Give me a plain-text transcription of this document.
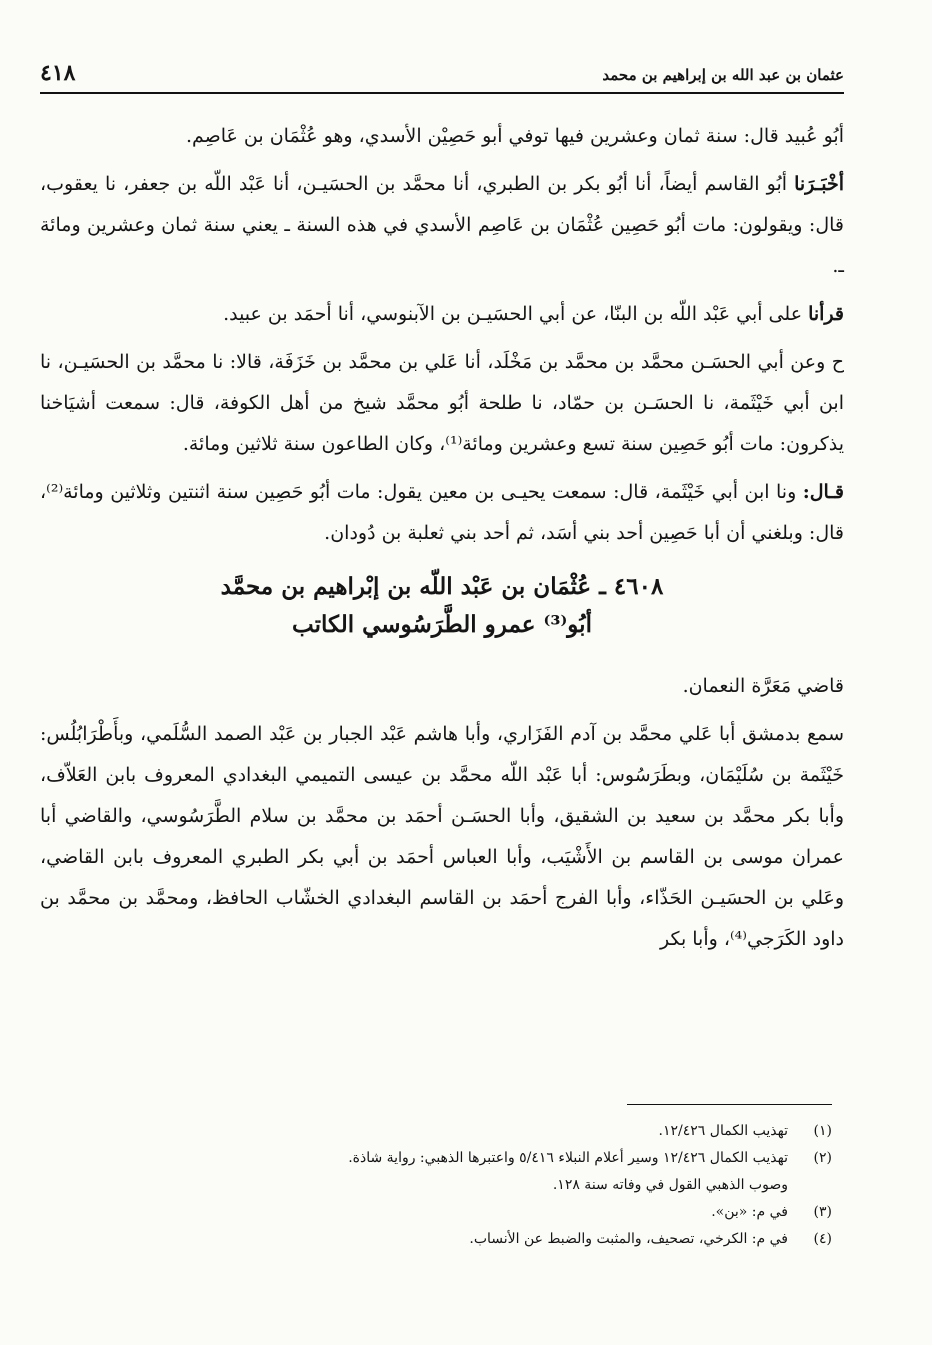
عثمان بن عبد الله بن إبراهيم بن محمد
٤١٨

أبُو عُبيد قال: سنة ثمان وعشرين فيها توفي أبو حَصِيْن الأسدي، وهو عُثْمَان بن عَاصِم.

أخْبَـرَنا أبُو القاسم أيضاً، أنا أبُو بكر بن الطبري، أنا محمَّد بن الحسَيـن، أنا عَبْد اللّه بن جعفر، نا يعقوب، قال: ويقولون: مات أبُو حَصِين عُثْمَان بن عَاصِم الأسدي في هذه السنة ـ يعني سنة ثمان وعشرين ومائة ـ.

قرأنا على أبي عَبْد اللّه بن البنّا، عن أبي الحسَيـن بن الآبنوسي، أنا أحمَد بن عبيد.

ح وعن أبي الحسَـن محمَّد بن محمَّد بن مَخْلَد، أنا عَلي بن محمَّد بن خَزَفَة، قالا: نا محمَّد بن الحسَيـن، نا ابن أبي خَيْثَمة، نا الحسَـن بن حمّاد، نا طلحة أبُو محمَّد شيخ من أهل الكوفة، قال: سمعت أشيَاخنا يذكرون: مات أبُو حَصِين سنة تسع وعشرين ومائة⁽¹⁾، وكان الطاعون سنة ثلاثين ومائة.

قـال: ونا ابن أبي خَيْثَمة، قال: سمعت يحيـى بن معين يقول: مات أبُو حَصِين سنة اثنتين وثلاثين ومائة⁽²⁾، قال: وبلغني أن أبا حَصِين أحد بني أسَد، ثم أحد بني ثعلبة بن دُودان.

٤٦٠٨ ـ عُثْمَان بن عَبْد اللّه بن إبْراهيم بن محمَّد
أبُو⁽³⁾ عمرو الطَّرَسُوسي الكاتب

قاضي مَعَرَّة النعمان.

سمع بدمشق أبا عَلي محمَّد بن آدم الفَزَاري، وأبا هاشم عَبْد الجبار بن عَبْد الصمد السُّلَمي، وبأَطْرَابُلُس: خَيْثَمة بن سُلَيْمَان، وبطَرَسُوس: أبا عَبْد اللّه محمَّد بن عيسى التميمي البغدادي المعروف بابن العَلاّف، وأبا بكر محمَّد بن سعيد بن الشقيق، وأبا الحسَـن أحمَد بن محمَّد بن سلام الطَّرَسُوسي، والقاضي أبا عمران موسى بن القاسم بن الأَشْيَب، وأبا العباس أحمَد بن أبي بكر الطبري المعروف بابن القاضي، وعَلي بن الحسَيـن الحَذّاء، وأبا الفرج أحمَد بن القاسم البغدادي الخشّاب الحافظ، ومحمَّد بن محمَّد بن داود الكَرَجي⁽⁴⁾، وأبا بكر

(١)
تهذيب الكمال ١٢/٤٢٦.
(٢)
تهذيب الكمال ١٢/٤٢٦ وسير أعلام النبلاء ٥/٤١٦ واعتبرها الذهبي: رواية شاذة.
وصوب الذهبي القول في وفاته سنة ١٢٨.
(٣)
في م: «بن».
(٤)
في م: الكرخي، تصحيف، والمثبت والضبط عن الأنساب.
